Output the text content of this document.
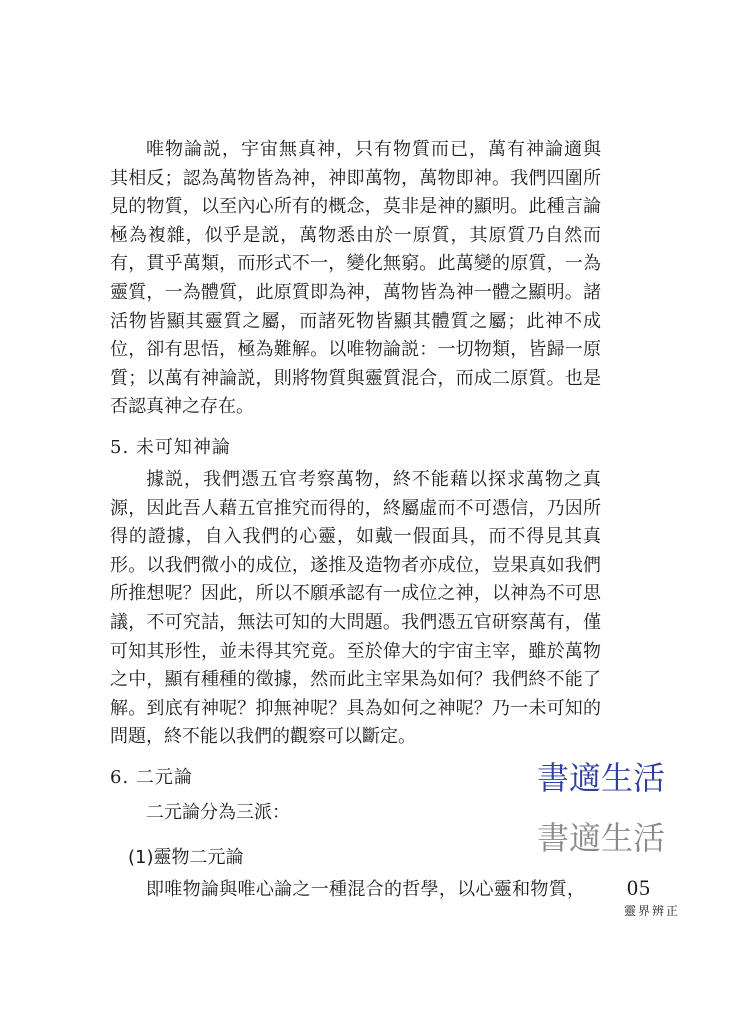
唯物論説，宇宙無真神，只有物質而已，萬有神論適與
其相反；認為萬物皆為神，神即萬物，萬物即神。我們四圍所
見的物質，以至內心所有的概念，莫非是神的顯明。此種言論
極為複雜，似乎是説，萬物悉由於一原質，其原質乃自然而
有，貫乎萬類，而形式不一，變化無窮。此萬變的原質，一為
靈質，一為體質，此原質即為神，萬物皆為神一體之顯明。諸
活物皆顯其靈質之屬，而諸死物皆顯其體質之屬；此神不成
位，卻有思悟，極為難解。以唯物論説：一切物類，皆歸一原
質；以萬有神論説，則將物質與靈質混合，而成二原質。也是
否認真神之存在。
5. 未可知神論
據説，我們憑五官考察萬物，終不能藉以探求萬物之真
源，因此吾人藉五官推究而得的，終屬虛而不可憑信，乃因所
得的證據，自入我們的心靈，如戴一假面具，而不得見其真
形。以我們微小的成位，遂推及造物者亦成位，豈果真如我們
所推想呢？因此，所以不願承認有一成位之神，以神為不可思
議，不可究詰，無法可知的大問題。我們憑五官研察萬有，僅
可知其形性，並未得其究竟。至於偉大的宇宙主宰，雖於萬物
之中，顯有種種的徵據，然而此主宰果為如何？我們終不能了
解。到底有神呢？抑無神呢？具為如何之神呢？乃一未可知的
問題，終不能以我們的觀察可以斷定。
6. 二元論	書適生活
書適生活
二元論分為三派：
(1)靈物二元論
即唯物論與唯心論之一種混合的哲學，以心靈和物質， 05
靈界辨正
